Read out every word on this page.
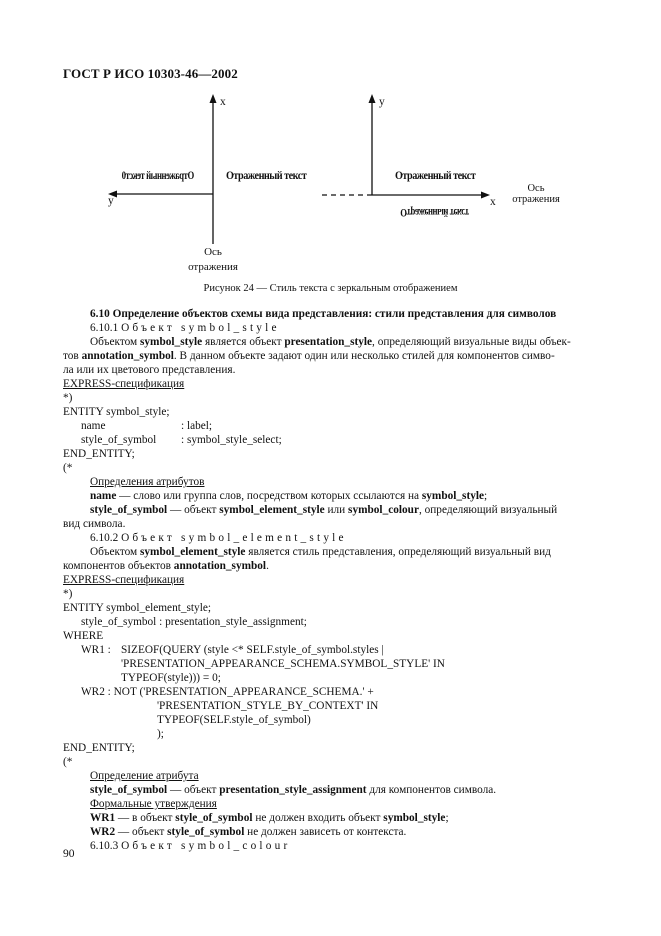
ГОСТ Р ИСО 10303-46—2002
x
y
Отраженный текст0	Отраженный текст
Ось
отражения
y
x
Отраженный текст
Отраженный текст
Ось
отражения
Рисунок 24 — Стиль текста с зеркальным отображением
6.10 Определение объектов схемы вида представления: стили представления для символов
6.10.1 Объект symbol_style
Объектом symbol_style является объект presentation_style, определяющий визуальные виды объек-
тов annotation_symbol. В данном объекте задают один или несколько стилей для компонентов симво-
ла или их цветового представления.
EXPRESS-спецификация
*)
ENTITY symbol_style;
name	: label;
style_of_symbol : symbol_style_select;
END_ENTITY;
(*
Определения атрибутов
name — слово или группа слов, посредством которых ссылаются на symbol_style;
style_of_symbol — объект symbol_element_style или symbol_colour, определяющий визуальный
вид символа.
6.10.2 Объект symbol_element_style
Объектом symbol_element_style является стиль представления, определяющий визуальный вид
компонентов объектов annotation_symbol.
EXPRESS-спецификация
*)
ENTITY symbol_element_style;
style_of_symbol : presentation_style_assignment;
WHERE
WR1 : SIZEOF(QUERY (style <* SELF.style_of_symbol.styles |
'PRESENTATION_APPEARANCE_SCHEMA.SYMBOL_STYLE' IN
TYPEOF(style))) = 0;
WR2 : NOT ('PRESENTATION_APPEARANCE_SCHEMA.' +
'PRESENTATION_STYLE_BY_CONTEXT' IN
TYPEOF(SELF.style_of_symbol)
);
END_ENTITY;
(*
Определение атрибута
style_of_symbol — объект presentation_style_assignment для компонентов символа.
Формальные утверждения
WR1 — в объект style_of_symbol не должен входить объект symbol_style;
WR2 — объект style_of_symbol не должен зависеть от контекста.
6.10.3 Объект symbol_colour
90
